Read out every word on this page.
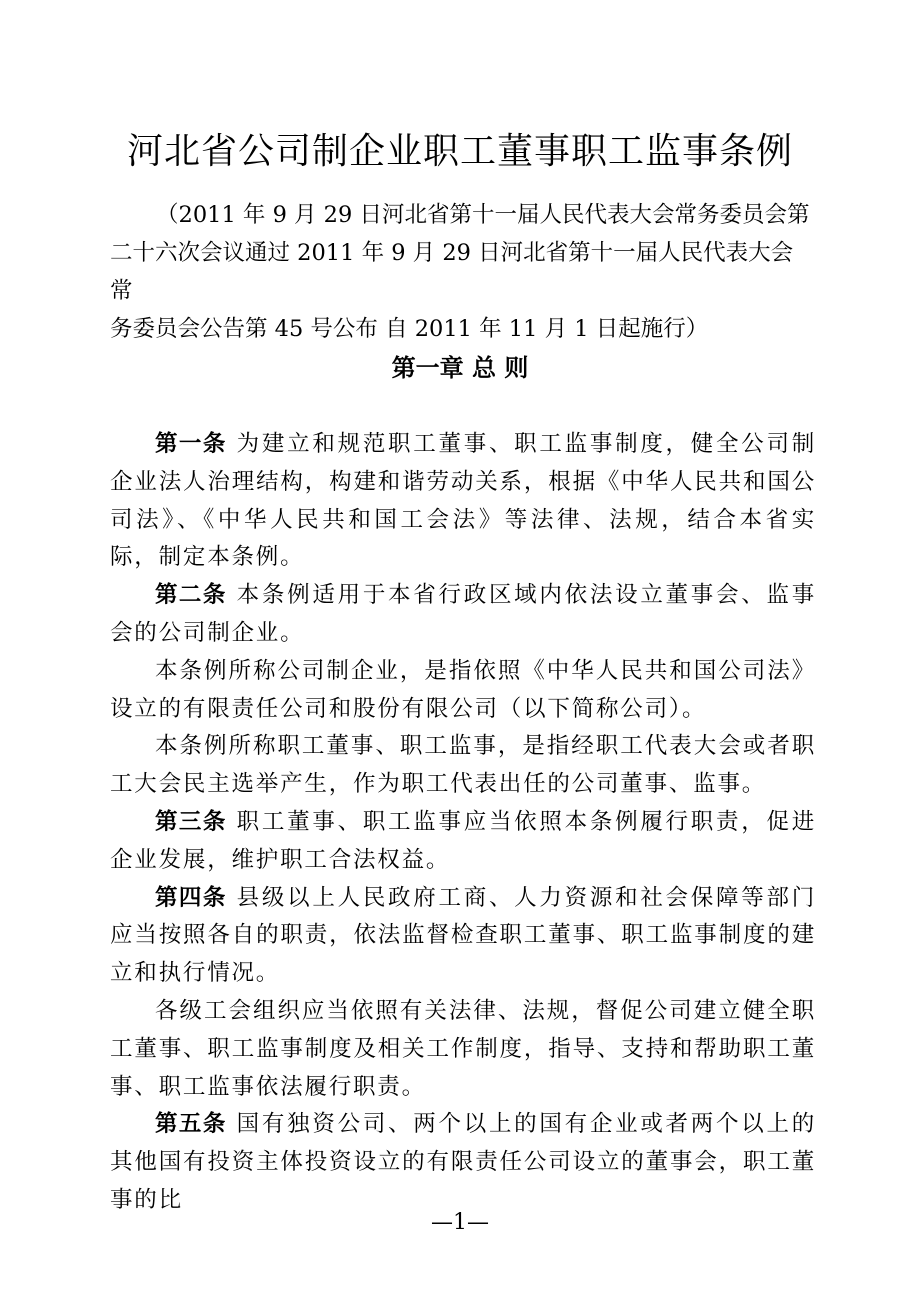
河北省公司制企业职工董事职工监事条例
（2011 年 9 月 29 日河北省第十一届人民代表大会常务委员会第
二十六次会议通过 2011 年 9 月 29 日河北省第十一届人民代表大会常
务委员会公告第 45 号公布 自 2011 年 11 月 1 日起施行）
第一章 总 则

第一条 为建立和规范职工董事、职工监事制度，健全公司制企业法人治理结构，构建和谐劳动关系，根据《中华人民共和国公司法》、《中华人民共和国工会法》等法律、法规，结合本省实际，制定本条例。

第二条 本条例适用于本省行政区域内依法设立董事会、监事会的公司制企业。

本条例所称公司制企业，是指依照《中华人民共和国公司法》设立的有限责任公司和股份有限公司（以下简称公司）。

本条例所称职工董事、职工监事，是指经职工代表大会或者职工大会民主选举产生，作为职工代表出任的公司董事、监事。

第三条 职工董事、职工监事应当依照本条例履行职责，促进企业发展，维护职工合法权益。

第四条 县级以上人民政府工商、人力资源和社会保障等部门应当按照各自的职责，依法监督检查职工董事、职工监事制度的建立和执行情况。

各级工会组织应当依照有关法律、法规，督促公司建立健全职工董事、职工监事制度及相关工作制度，指导、支持和帮助职工董事、职工监事依法履行职责。

第五条 国有独资公司、两个以上的国有企业或者两个以上的其他国有投资主体投资设立的有限责任公司设立的董事会，职工董事的比

—1—
